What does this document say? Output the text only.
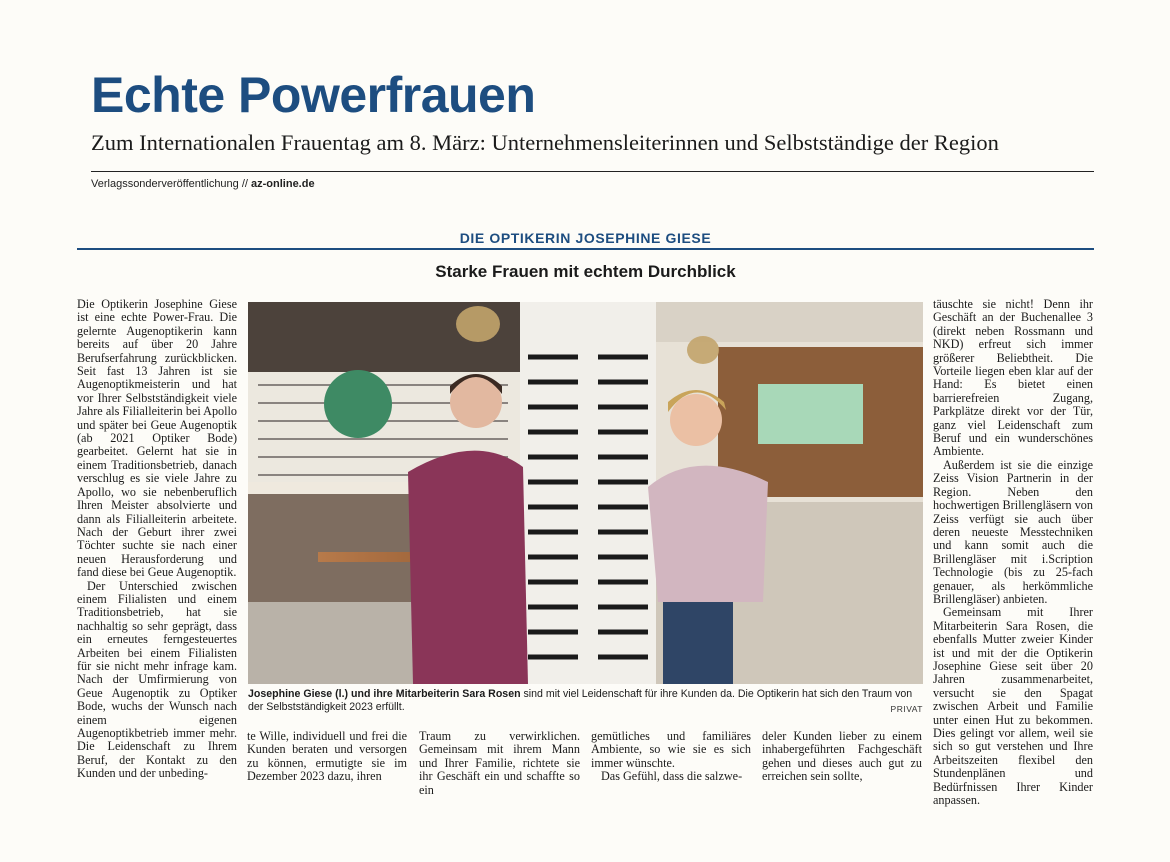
Echte Powerfrauen
Zum Internationalen Frauentag am 8. März: Unternehmensleiterinnen und Selbstständige der Region
Verlagssonderveröffentlichung // az-online.de
DIE OPTIKERIN JOSEPHINE GIESE
Starke Frauen mit echtem Durchblick

Die Optikerin Josephine Giese ist eine echte Power-Frau. Die gelernte Augenoptikerin kann bereits auf über 20 Jahre Berufserfahrung zurückblicken. Seit fast 13 Jahren ist sie Augenoptikmeisterin und hat vor Ihrer Selbstständigkeit viele Jahre als Filialleiterin bei Apollo und später bei Geue Augenoptik (ab 2021 Optiker Bode) gearbeitet. Gelernt hat sie in einem Traditionsbetrieb, danach verschlug es sie viele Jahre zu Apollo, wo sie nebenberuflich Ihren Meister absolvierte und dann als Filialleiterin arbeitete. Nach der Geburt ihrer zwei Töchter suchte sie nach einer neuen Herausforderung und fand diese bei Geue Augenoptik.

Der Unterschied zwischen einem Filialisten und einem Traditionsbetrieb, hat sie nachhaltig so sehr geprägt, dass ein erneutes ferngesteuertes Arbeiten bei einem Filialisten für sie nicht mehr infrage kam. Nach der Umfirmierung von Geue Augenoptik zu Optiker Bode, wuchs der Wunsch nach einem eigenen Augenoptikbetrieb immer mehr. Die Leidenschaft zu Ihrem Beruf, der Kontakt zu den Kunden und der unbeding-

Josephine Giese (l.) und ihre Mitarbeiterin Sara Rosen sind mit viel Leidenschaft für ihre Kunden da. Die Optikerin hat sich den Traum von der Selbstständigkeit 2023 erfüllt.	PRIVAT

te Wille, individuell und frei die Kunden beraten und versorgen zu können, ermutigte sie im Dezember 2023 dazu, ihren

Traum zu verwirklichen. Gemeinsam mit ihrem Mann und Ihrer Familie, richtete sie ihr Geschäft ein und schaffte so ein

gemütliches und familiäres Ambiente, so wie sie es sich immer wünschte.

Das Gefühl, dass die salzwe-

deler Kunden lieber zu einem inhabergeführten Fachgeschäft gehen und dieses auch gut zu erreichen sein sollte,

täuschte sie nicht! Denn ihr Geschäft an der Buchenallee 3 (direkt neben Rossmann und NKD) erfreut sich immer größerer Beliebtheit. Die Vorteile liegen eben klar auf der Hand: Es bietet einen barrierefreien Zugang, Parkplätze direkt vor der Tür, ganz viel Leidenschaft zum Beruf und ein wunderschönes Ambiente.

Außerdem ist sie die einzige Zeiss Vision Partnerin in der Region. Neben den hochwertigen Brillengläsern von Zeiss verfügt sie auch über deren neueste Messtechniken und kann somit auch die Brillengläser mit i.Scription Technologie (bis zu 25-fach genauer, als herkömmliche Brillengläser) anbieten.

Gemeinsam mit Ihrer Mitarbeiterin Sara Rosen, die ebenfalls Mutter zweier Kinder ist und mit der die Optikerin Josephine Giese seit über 20 Jahren zusammenarbeitet, versucht sie den Spagat zwischen Arbeit und Familie unter einen Hut zu bekommen. Dies gelingt vor allem, weil sie sich so gut verstehen und Ihre Arbeitszeiten flexibel den Stundenplänen und Bedürfnissen Ihrer Kinder anpassen.
